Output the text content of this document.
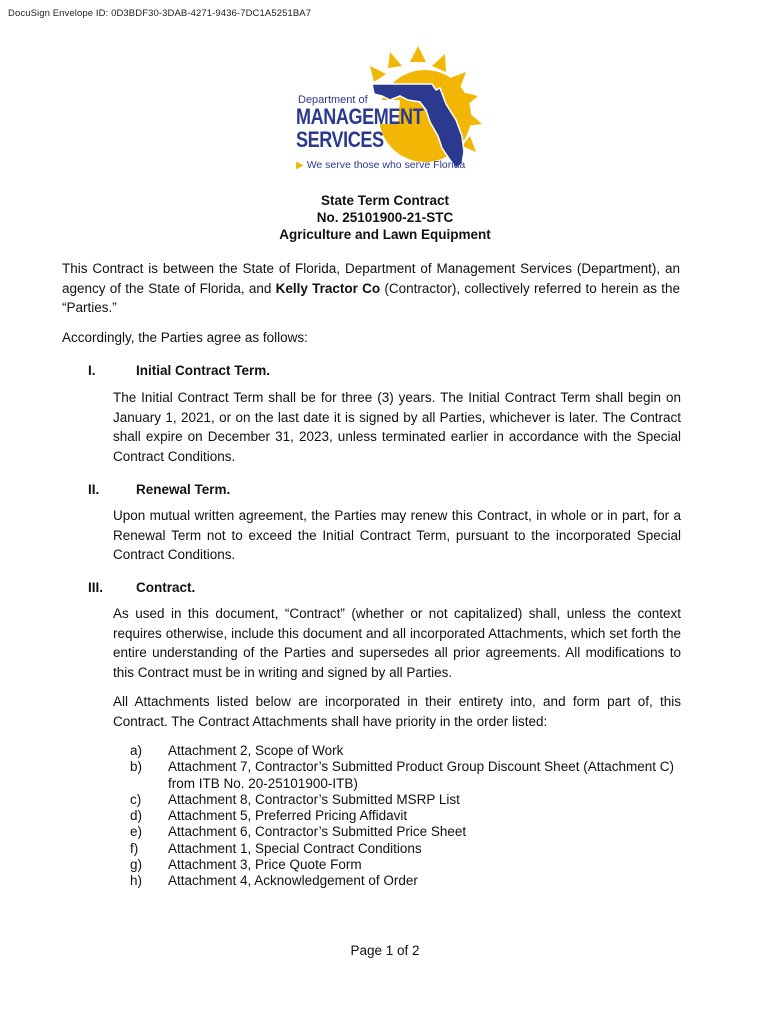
DocuSign Envelope ID: 0D3BDF30-3DAB-4271-9436-7DC1A5251BA7
Department of
MANAGEMENT
SERVICES
▶ We serve those who serve Florida
State Term Contract
No. 25101900-21-STC
Agriculture and Lawn Equipment
This Contract is between the State of Florida, Department of Management Services (Department), an agency of the State of Florida, and Kelly Tractor Co (Contractor), collectively referred to herein as the “Parties.”
Accordingly, the Parties agree as follows:
I.	Initial Contract Term.
The Initial Contract Term shall be for three (3) years. The Initial Contract Term shall begin on January 1, 2021, or on the last date it is signed by all Parties, whichever is later. The Contract shall expire on December 31, 2023, unless terminated earlier in accordance with the Special Contract Conditions.
II.	Renewal Term.
Upon mutual written agreement, the Parties may renew this Contract, in whole or in part, for a Renewal Term not to exceed the Initial Contract Term, pursuant to the incorporated Special Contract Conditions.
III. Contract.
As used in this document, “Contract” (whether or not capitalized) shall, unless the context requires otherwise, include this document and all incorporated Attachments, which set forth the entire understanding of the Parties and supersedes all prior agreements. All modifications to this Contract must be in writing and signed by all Parties.
All Attachments listed below are incorporated in their entirety into, and form part of, this Contract. The Contract Attachments shall have priority in the order listed:
a)	Attachment 2, Scope of Work
b)	Attachment 7, Contractor’s Submitted Product Group Discount Sheet (Attachment C) from ITB No. 20-25101900-ITB)
c)	Attachment 8, Contractor’s Submitted MSRP List
d)	Attachment 5, Preferred Pricing Affidavit
e)	Attachment 6, Contractor’s Submitted Price Sheet
f)	Attachment 1, Special Contract Conditions
g)	Attachment 3, Price Quote Form
h)	Attachment 4, Acknowledgement of Order
Page 1 of 2
